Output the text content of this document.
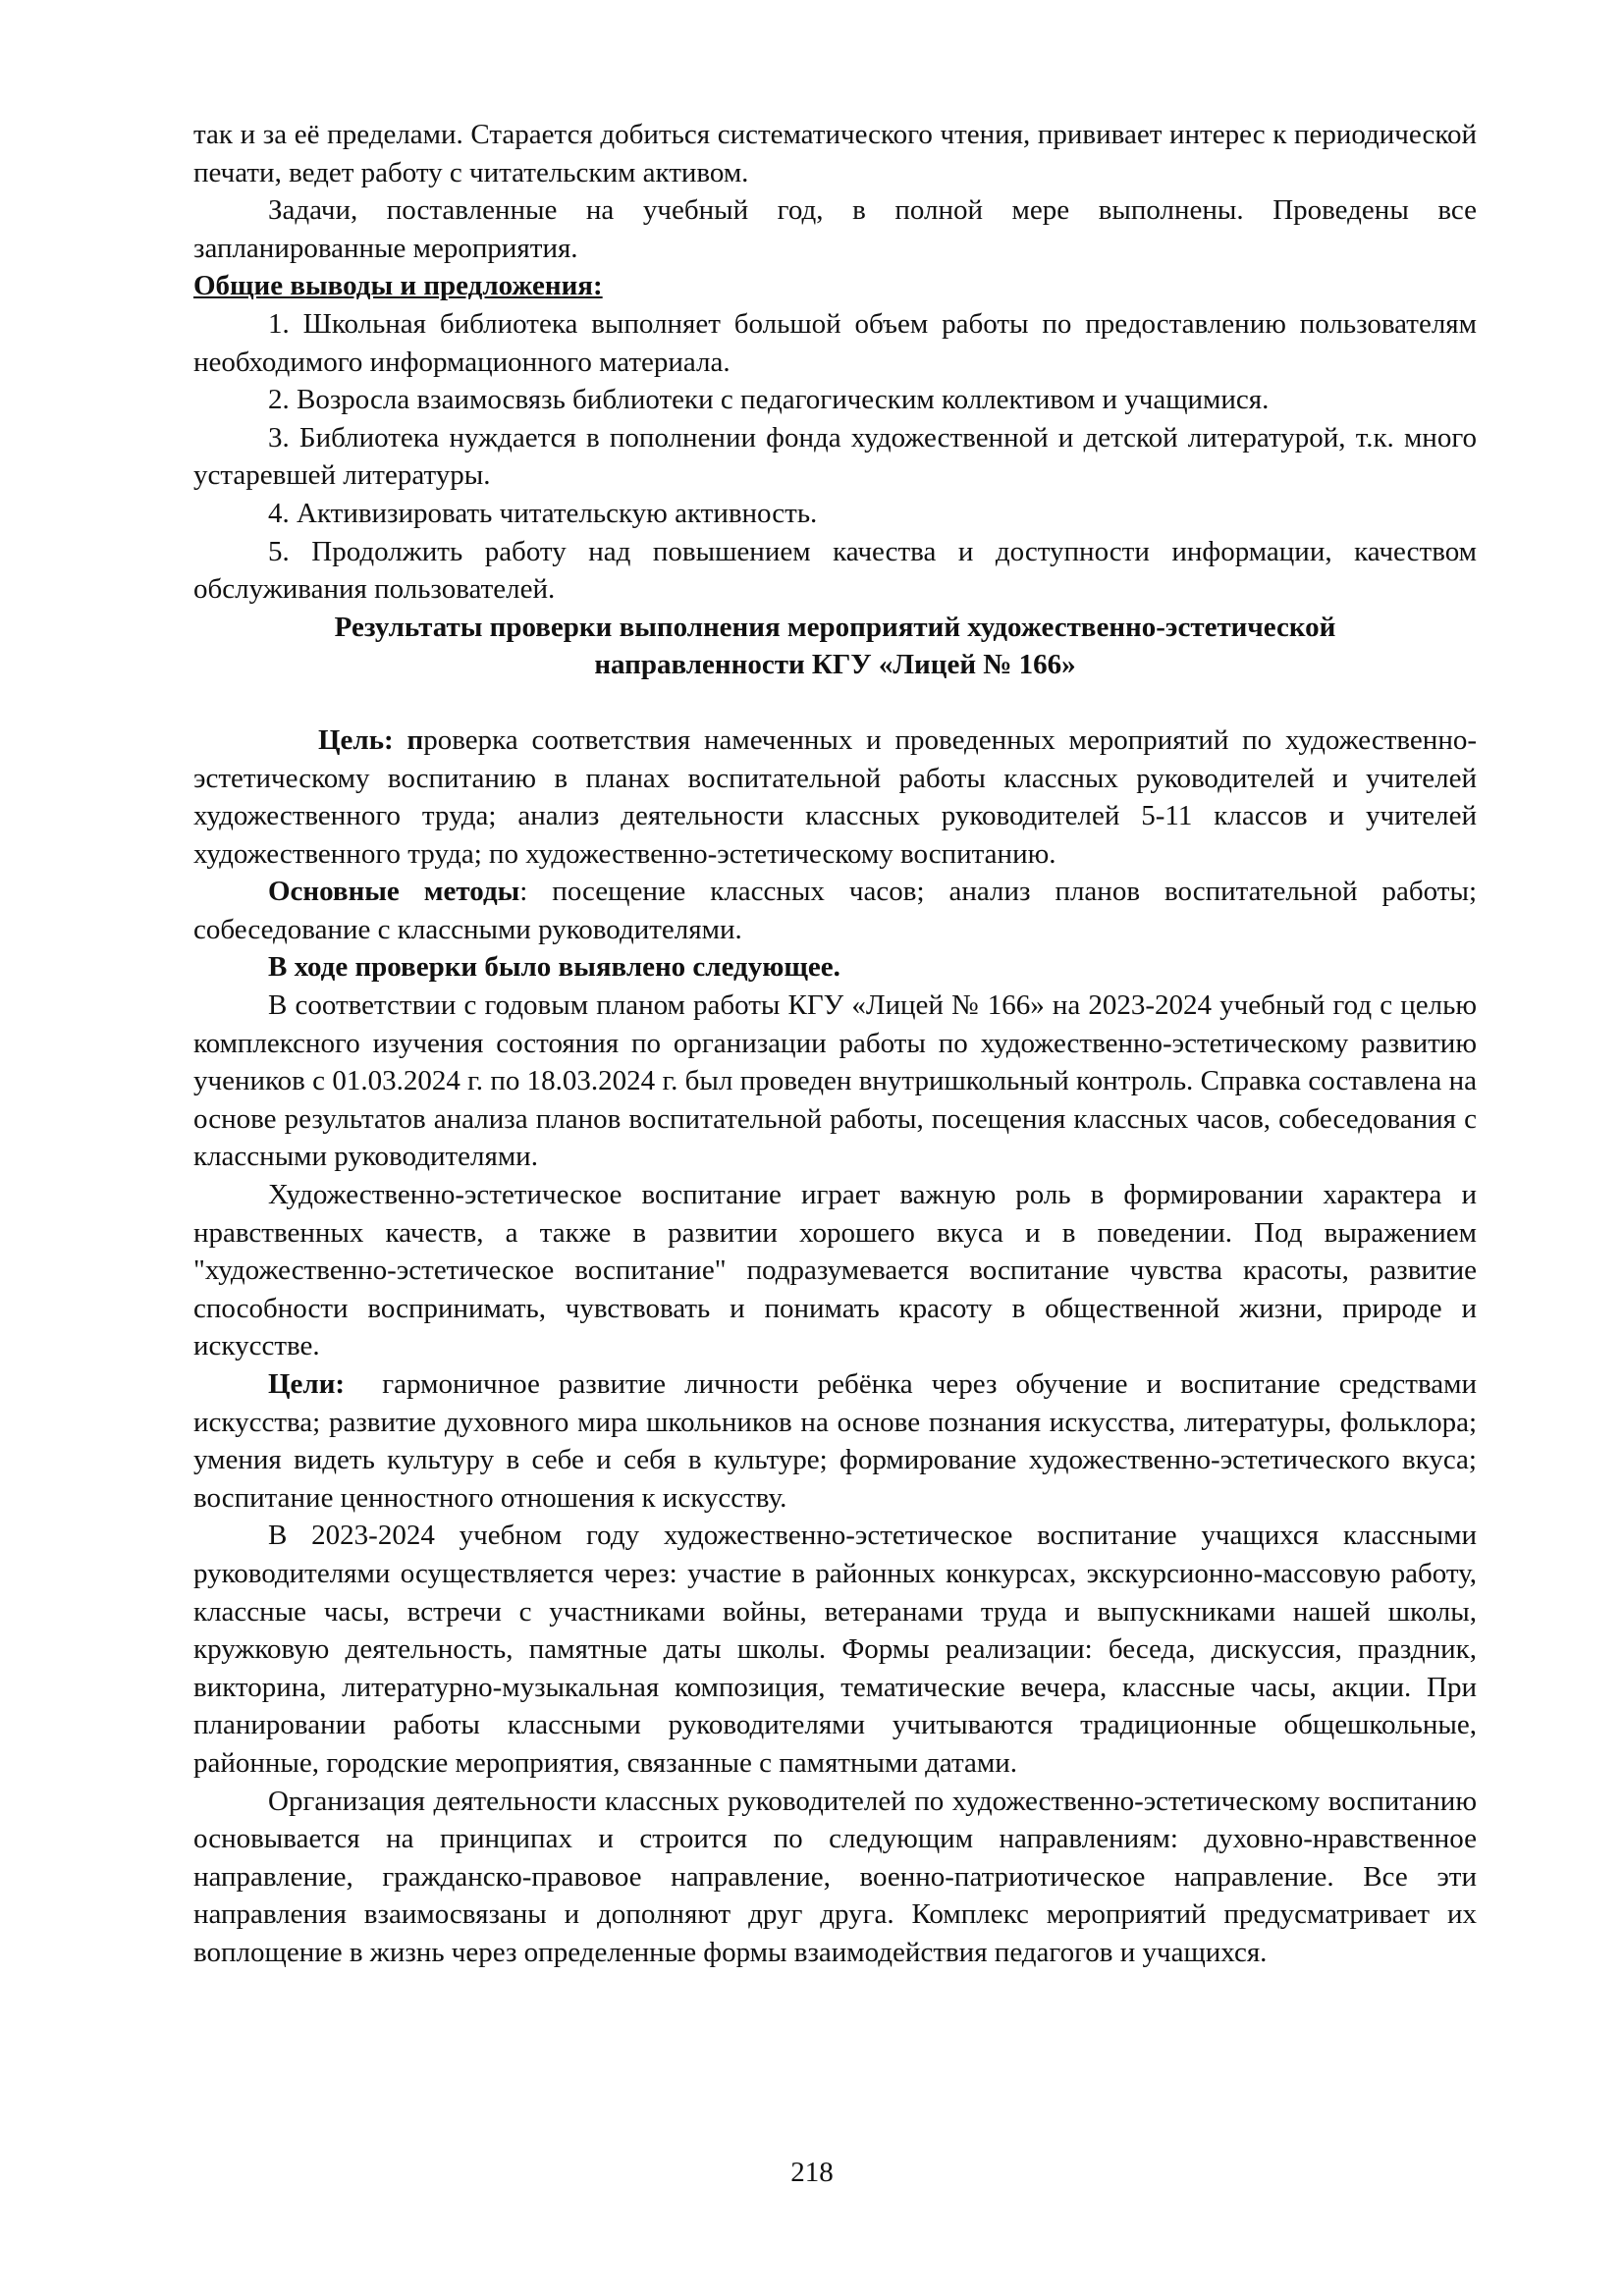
так и за её пределами. Старается добиться систематического чтения, прививает интерес к периодической печати, ведет работу с читательским активом.

Задачи, поставленные на учебный год, в полной мере выполнены. Проведены все запланированные мероприятия.

Общие выводы и предложения:

1. Школьная библиотека выполняет большой объем работы по предоставлению пользователям необходимого информационного материала.

2. Возросла взаимосвязь библиотеки с педагогическим коллективом и учащимися.

3. Библиотека нуждается в пополнении фонда художественной и детской литературой, т.к. много устаревшей литературы.

4. Активизировать читательскую активность.

5. Продолжить работу над повышением качества и доступности информации, качеством обслуживания пользователей.

Результаты проверки выполнения мероприятий художественно-эстетической

направленности КГУ «Лицей № 166»

Цель: проверка соответствия намеченных и проведенных мероприятий по художественно-эстетическому воспитанию в планах воспитательной работы классных руководителей и учителей художественного труда; анализ деятельности классных руководителей 5-11 классов и учителей художественного труда; по художественно-эстетическому воспитанию.

Основные методы: посещение классных часов; анализ планов воспитательной работы; собеседование с классными руководителями.

В ходе проверки было выявлено следующее.

В соответствии с годовым планом работы КГУ «Лицей № 166» на 2023-2024 учебный год с целью комплексного изучения состояния по организации работы по художественно-эстетическому развитию учеников с 01.03.2024 г. по 18.03.2024 г. был проведен внутришкольный контроль. Справка составлена на основе результатов анализа планов воспитательной работы, посещения классных часов, собеседования с классными руководителями.

Художественно-эстетическое воспитание играет важную роль в формировании характера и нравственных качеств, а также в развитии хорошего вкуса и в поведении. Под выражением "художественно-эстетическое воспитание" подразумевается воспитание чувства красоты, развитие способности воспринимать, чувствовать и понимать красоту в общественной жизни, природе и искусстве.

Цели:  гармоничное развитие личности ребёнка через обучение и воспитание средствами искусства; развитие духовного мира школьников на основе познания искусства, литературы, фольклора;  умения видеть культуру в себе и себя в культуре; формирование художественно-эстетического вкуса; воспитание ценностного отношения к искусству.

В 2023-2024 учебном году художественно-эстетическое воспитание учащихся классными руководителями осуществляется через: участие в районных конкурсах, экскурсионно-массовую работу, классные часы, встречи с участниками войны, ветеранами труда и выпускниками нашей школы, кружковую деятельность, памятные даты школы. Формы реализации: беседа, дискуссия, праздник, викторина, литературно-музыкальная композиция, тематические вечера, классные часы, акции. При планировании работы классными руководителями учитываются традиционные общешкольные, районные, городские мероприятия, связанные с памятными датами.

Организация деятельности классных руководителей по художественно-эстетическому воспитанию основывается на принципах и строится по следующим направлениям: духовно-нравственное направление, гражданско-правовое направление, военно-патриотическое направление. Все эти направления взаимосвязаны и дополняют друг друга. Комплекс мероприятий предусматривает их воплощение в жизнь через определенные формы взаимодействия педагогов и учащихся.

218
